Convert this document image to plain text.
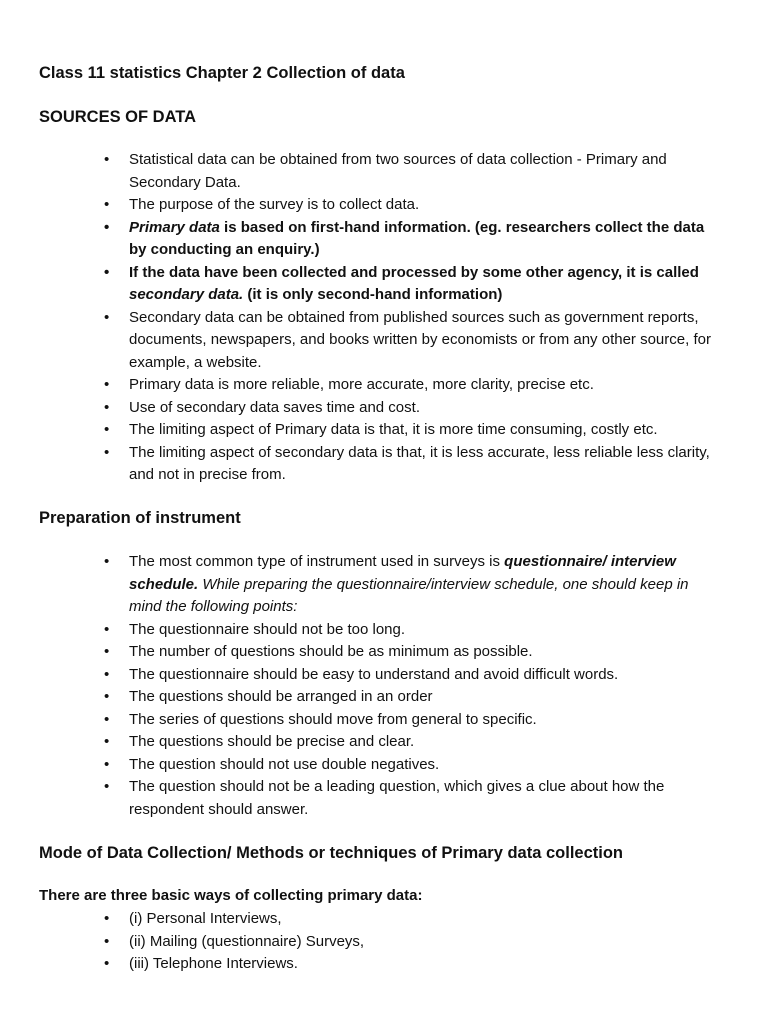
Class 11 statistics Chapter 2 Collection of data
SOURCES OF DATA
• Statistical data can be obtained from two sources of data collection - Primary and Secondary Data.
• The purpose of the survey is to collect data.
• Primary data is based on first-hand information. (eg. researchers collect the data by conducting an enquiry.)
• If the data have been collected and processed by some other agency, it is called secondary data. (it is only second-hand information)
• Secondary data can be obtained from published sources such as government reports, documents, newspapers, and books written by economists or from any other source, for example, a website.
• Primary data is more reliable, more accurate, more clarity, precise etc.
• Use of secondary data saves time and cost.
• The limiting aspect of Primary data is that, it is more time consuming, costly etc.
• The limiting aspect of secondary data is that, it is less accurate, less reliable less clarity, and not in precise from.
Preparation of instrument
• The most common type of instrument used in surveys is questionnaire/ interview schedule. While preparing the questionnaire/interview schedule, one should keep in mind the following points:
• The questionnaire should not be too long.
• The number of questions should be as minimum as possible.
• The questionnaire should be easy to understand and avoid difficult words.
• The questions should be arranged in an order
• The series of questions should move from general to specific.
• The questions should be precise and clear.
• The question should not use double negatives.
• The question should not be a leading question, which gives a clue about how the respondent should answer.
Mode of Data Collection/ Methods or techniques of Primary data collection

There are three basic ways of collecting primary data:

• (i) Personal Interviews,
• (ii) Mailing (questionnaire) Surveys,
• (iii) Telephone Interviews.
